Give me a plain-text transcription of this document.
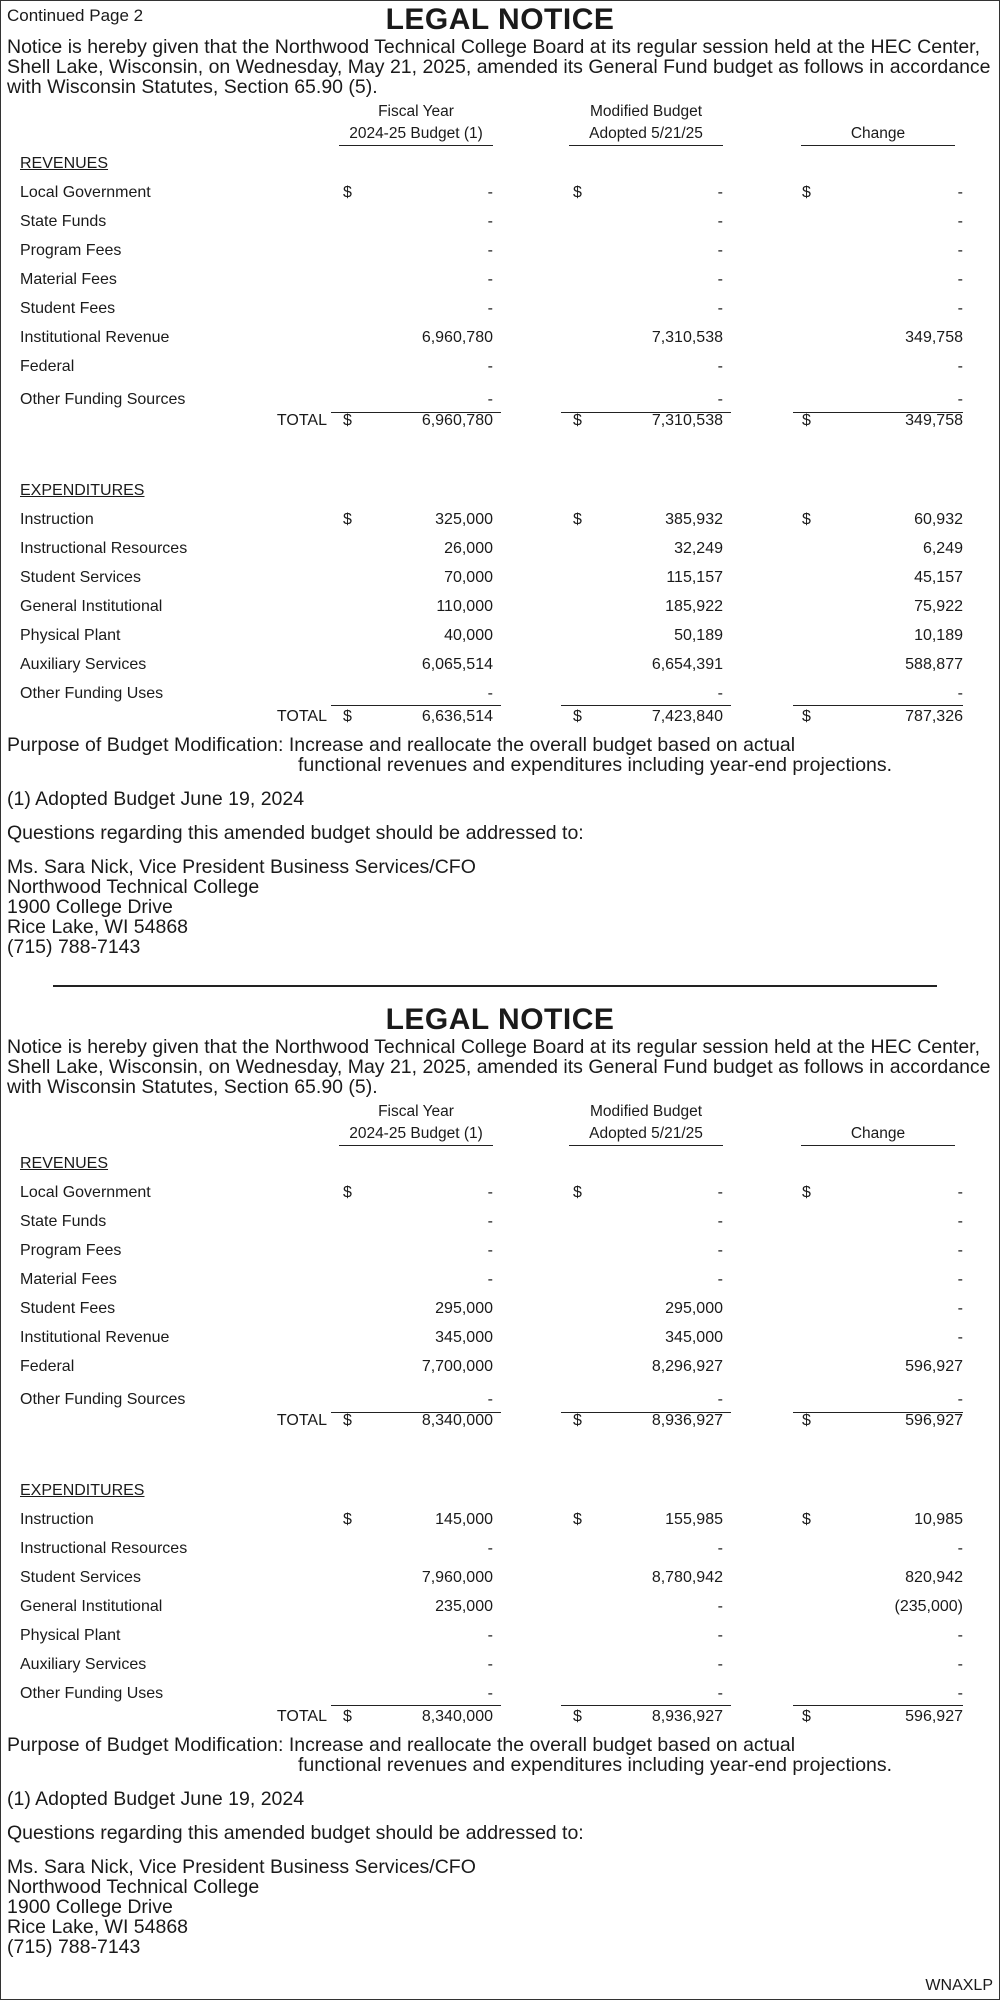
Continued Page 2	LEGAL NOTICE
Notice is hereby given that the Northwood Technical College Board at its regular session held at the HEC Center, Shell Lake, Wisconsin, on Wednesday, May 21, 2025, amended its General Fund budget as follows in accordance with Wisconsin Statutes, Section 65.90 (5).
Fiscal Year
2024-25 Budget (1)
Modified Budget
Adopted 5/21/25	Change
REVENUES
Local Government	$	-	$	-	$	-
State Funds	-	-	-
Program Fees	-	-	-
Material Fees	-	-	-
Student Fees	-	-	-
Institutional Revenue	6,960,780	7,310,538	349,758
Federal	-	-	-
Other Funding Sources	-	-	-
TOTAL $	6,960,780	$	7,310,538	$	349,758
EXPENDITURES
Instruction	$	325,000	$	385,932	$	60,932
Instructional Resources	26,000	32,249	6,249
Student Services	70,000	115,157	45,157
General Institutional	110,000	185,922	75,922
Physical Plant	40,000	50,189	10,189
Auxiliary Services	6,065,514	6,654,391	588,877
Other Funding Uses	-	-	-
TOTAL $	6,636,514	$	7,423,840	$	787,326
Purpose of Budget Modification: Increase and reallocate the overall budget based on actual
functional revenues and expenditures including year-end projections.
(1) Adopted Budget June 19, 2024
Questions regarding this amended budget should be addressed to:
Ms. Sara Nick, Vice President Business Services/CFO
Northwood Technical College
1900 College Drive
Rice Lake, WI 54868
(715) 788-7143
LEGAL NOTICE
Notice is hereby given that the Northwood Technical College Board at its regular session held at the HEC Center, Shell Lake, Wisconsin, on Wednesday, May 21, 2025, amended its General Fund budget as follows in accordance with Wisconsin Statutes, Section 65.90 (5).
Fiscal Year
2024-25 Budget (1)
Modified Budget
Adopted 5/21/25	Change
REVENUES
Local Government	$	-	$	-	$	-
State Funds	-	-	-
Program Fees	-	-	-
Material Fees	-	-	-
Student Fees	295,000	295,000	-
Institutional Revenue	345,000	345,000	-
Federal	7,700,000	8,296,927	596,927
Other Funding Sources	-	-	-
TOTAL $	8,340,000	$	8,936,927	$	596,927
EXPENDITURES
Instruction	$	145,000	$	155,985	$	10,985
Instructional Resources	-	-	-
Student Services	7,960,000	8,780,942	820,942
General Institutional	235,000	-	(235,000)
Physical Plant	-	-	-
Auxiliary Services	-	-	-
Other Funding Uses	-	-	-
TOTAL $	8,340,000	$	8,936,927	$	596,927
Purpose of Budget Modification: Increase and reallocate the overall budget based on actual
functional revenues and expenditures including year-end projections.
(1) Adopted Budget June 19, 2024
Questions regarding this amended budget should be addressed to:
Ms. Sara Nick, Vice President Business Services/CFO
Northwood Technical College
1900 College Drive
Rice Lake, WI 54868
(715) 788-7143
WNAXLP
